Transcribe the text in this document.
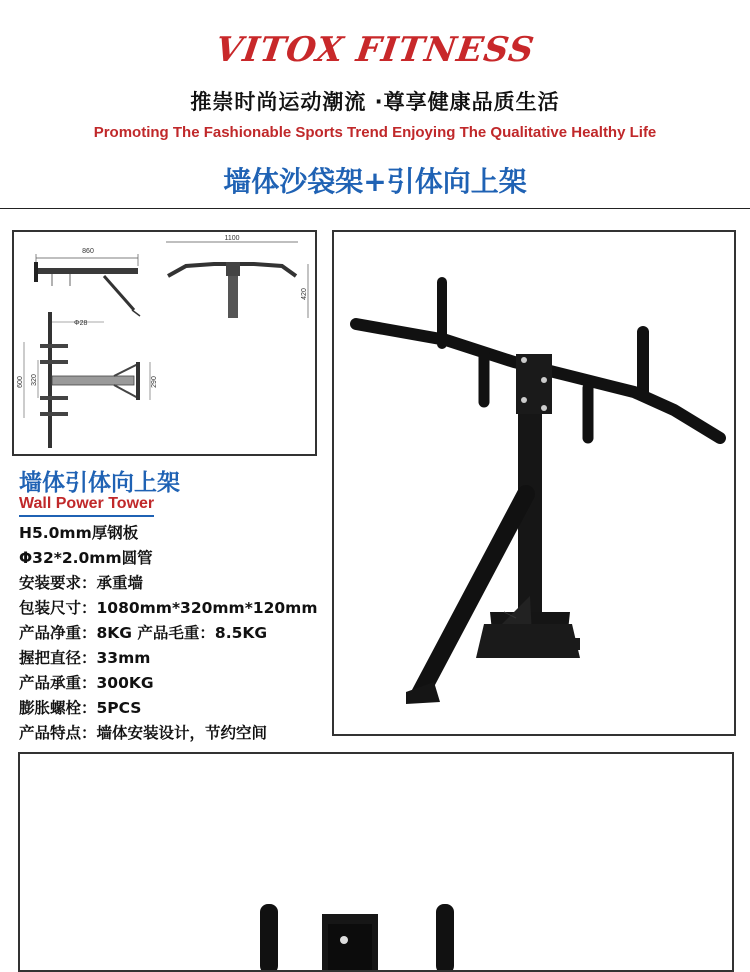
VITOX FITNESS
推崇时尚运动潮流 ·尊享健康品质生活
Promoting The Fashionable Sports Trend Enjoying The Qualitative Healthy Life
墙体沙袋架+引体向上架
860
1100
420
Φ28
600 320	290
墙体引体向上架
Wall Power Tower
H5.0mm厚钢板
Φ32*2.0mm圆管
安装要求：承重墙
包装尺寸：1080mm*320mm*120mm
产品净重：8KG 产品毛重：8.5KG
握把直径：33mm
产品承重：300KG
膨胀螺栓：5PCS
产品特点：墙体安装设计，节约空间
